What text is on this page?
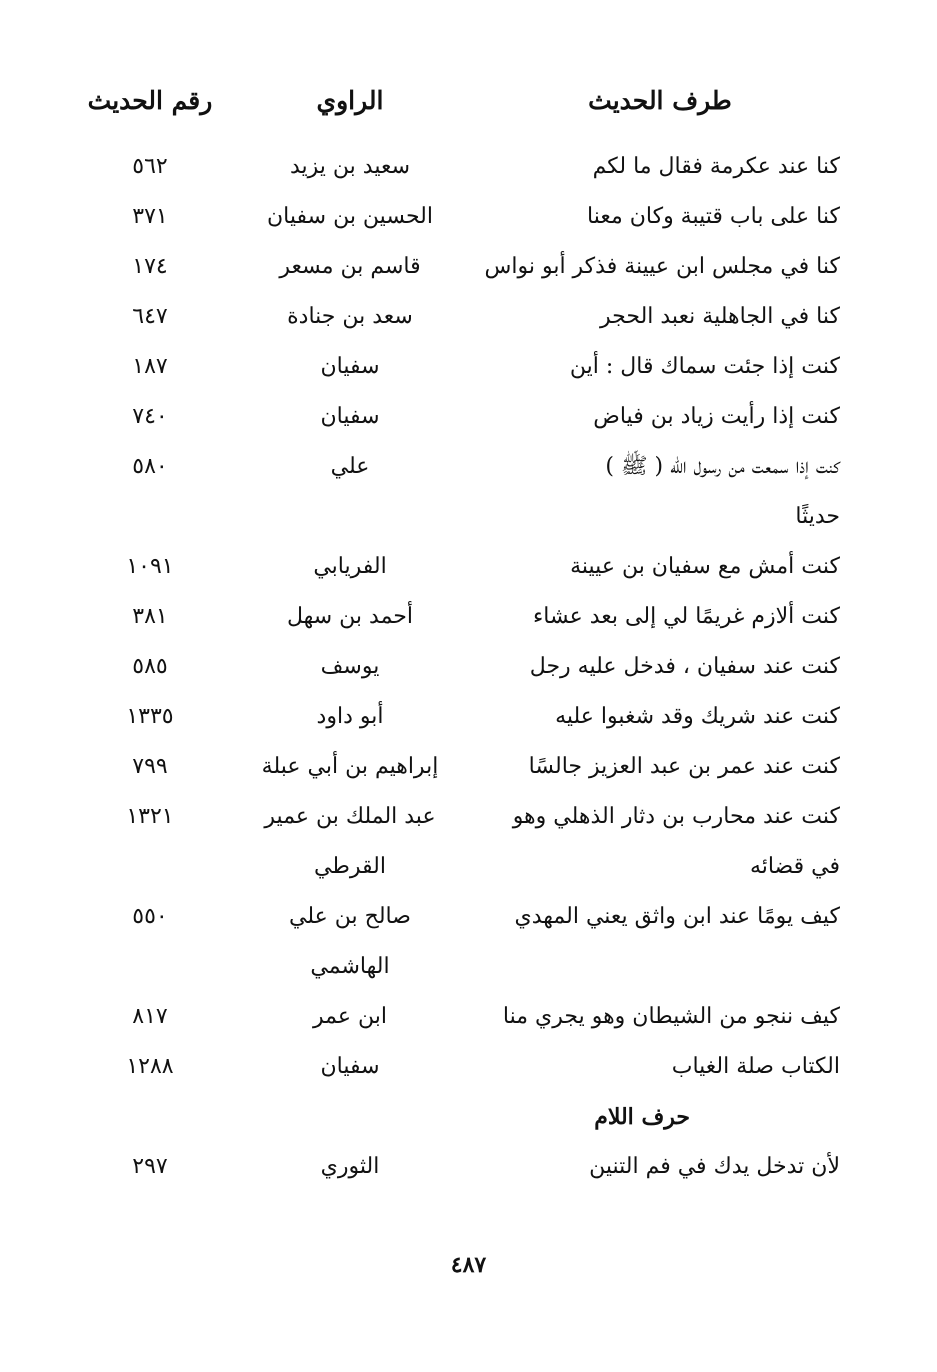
طرف الحديث
الراوي
رقم الحديث
كنا عند عكرمة فقال ما لكم
سعيد بن يزيد
٥٦٢
كنا على باب قتيبة وكان معنا
الحسين بن سفيان
٣٧١
كنا في مجلس ابن عيينة فذكر أبو نواس
قاسم بن مسعر
١٧٤
كنا في الجاهلية نعبد الحجر
سعد بن جنادة
٦٤٧
كنت إذا جئت سماك قال : أين
سفيان
١٨٧
كنت إذا رأيت زياد بن فياض
سفيان
٧٤٠
كنت إذا سمعت من رسول اللّه ( ﷺ )
علي
٥٨٠
حديثًا
كنت أمش مع سفيان بن عيينة
الفريابي
١٠٩١
كنت ألازم غريمًا لي إلى بعد عشاء
أحمد بن سهل
٣٨١
كنت عند سفيان ، فدخل عليه رجل
يوسف
٥٨٥
كنت عند شريك وقد شغبوا عليه
أبو داود
١٣٣٥
كنت عند عمر بن عبد العزيز جالسًا
إبراهيم بن أبي عبلة
٧٩٩
كنت عند محارب بن دثار الذهلي وهو
عبد الملك بن عمير
١٣٢١
في قضائه
القرطي
كيف يومًا عند ابن واثق يعني المهدي
صالح بن علي
٥٥٠
الهاشمي
كيف ننجو من الشيطان وهو يجري منا
ابن عمر
٨١٧
الكتاب صلة الغياب
سفيان
١٢٨٨
حرف اللام
لأن تدخل يدك في فم التنين
الثوري
٢٩٧
٤٨٧
